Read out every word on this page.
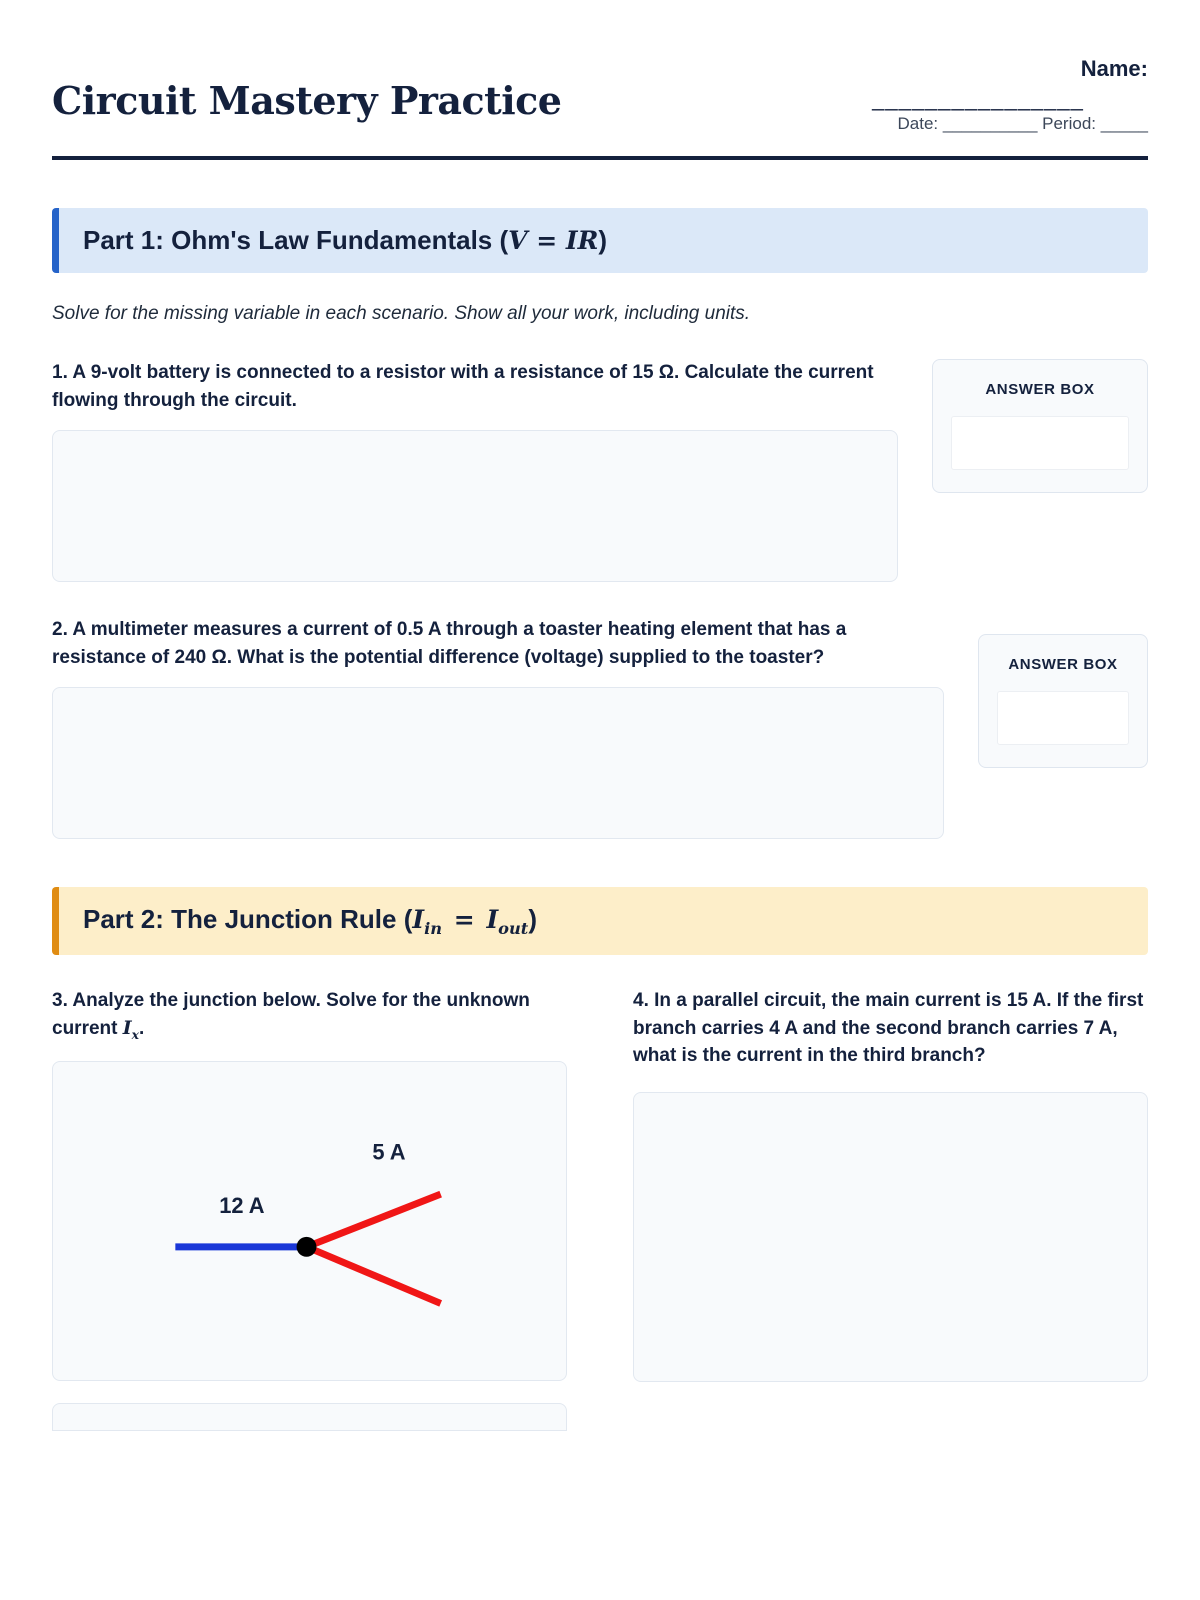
Circuit Mastery Practice
Name:
________________
Date: __________ Period: _____
Part 1: Ohm's Law Fundamentals (V = IR)
Solve for the missing variable in each scenario. Show all your work, including units.
1. A 9-volt battery is connected to a resistor with a resistance of 15 Ω. Calculate the current flowing through the circuit.
ANSWER BOX
2. A multimeter measures a current of 0.5 A through a toaster heating element that has a resistance of 240 Ω. What is the potential difference (voltage) supplied to the toaster?	ANSWER BOX
Part 2: The Junction Rule $(I_{in} = I_{out})$
3. Analyze the junction below. Solve for the unknown current $I_x$.
12 A
5 A
4. In a parallel circuit, the main current is 15 A. If the first branch carries 4 A and the second branch carries 7 A, what is the current in the third branch?
